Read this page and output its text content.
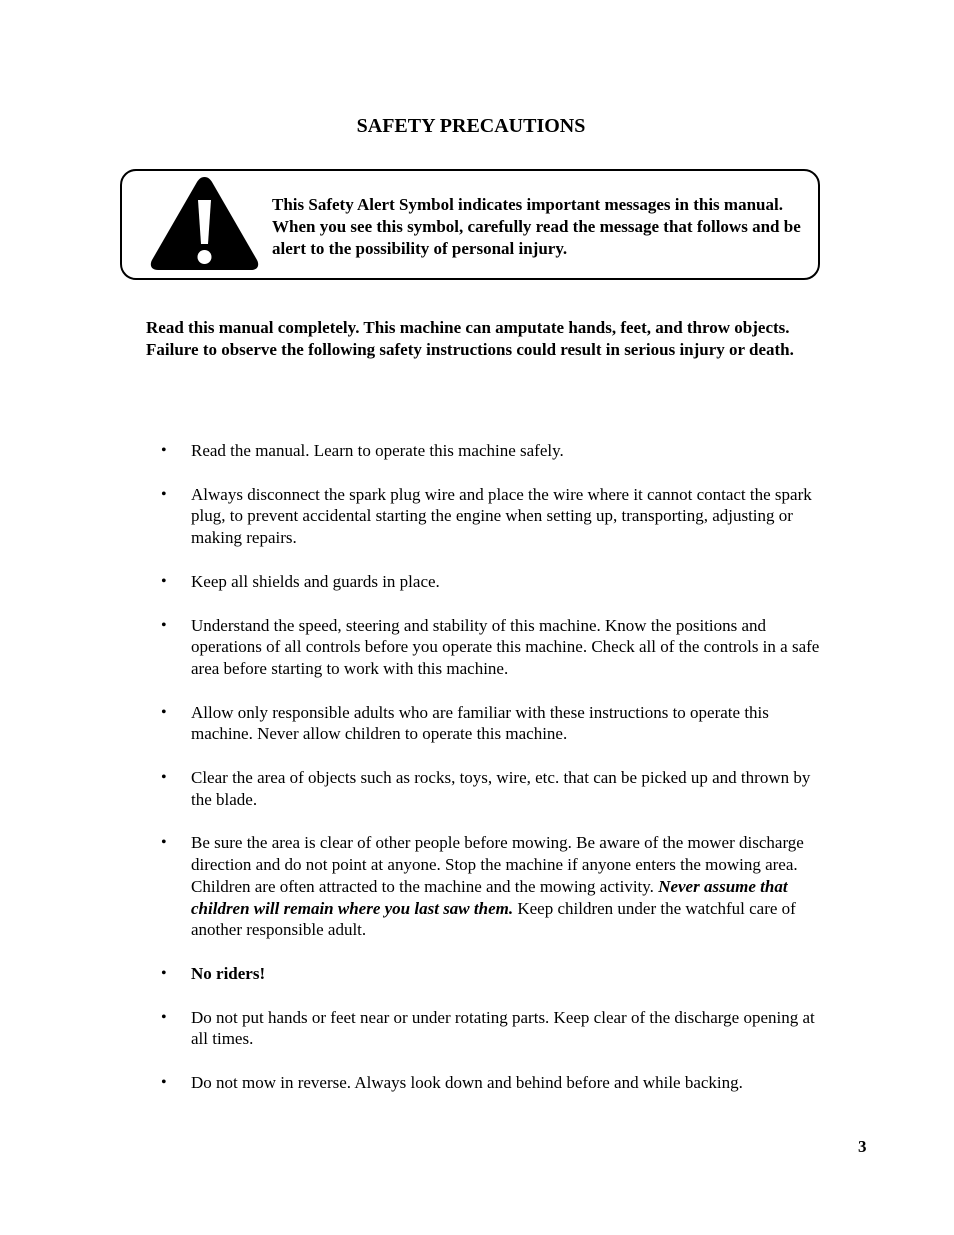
SAFETY PRECAUTIONS
This Safety Alert Symbol indicates important messages in this manual. When you see this symbol, carefully read the message that follows and be alert to the possibility of personal injury.
Read this manual completely. This machine can amputate hands, feet, and throw objects. Failure to observe the following safety instructions could result in serious injury or death.
• Read the manual. Learn to operate this machine safely.
• Always disconnect the spark plug wire and place the wire where it cannot contact the spark plug, to prevent accidental starting the engine when setting up, transporting, adjusting or making repairs.
• Keep all shields and guards in place.
• Understand the speed, steering and stability of this machine. Know the positions and operations of all controls before you operate this machine. Check all of the controls in a safe area before starting to work with this machine.
• Allow only responsible adults who are familiar with these instructions to operate this machine. Never allow children to operate this machine.
• Clear the area of objects such as rocks, toys, wire, etc. that can be picked up and thrown by the blade.
• Be sure the area is clear of other people before mowing. Be aware of the mower discharge direction and do not point at anyone. Stop the machine if anyone enters the mowing area. Children are often attracted to the machine and the mowing activity. Never assume that children will remain where you last saw them. Keep children under the watchful care of another responsible adult.
• No riders!
• Do not put hands or feet near or under rotating parts. Keep clear of the discharge opening at all times.
• Do not mow in reverse. Always look down and behind before and while backing.
3
